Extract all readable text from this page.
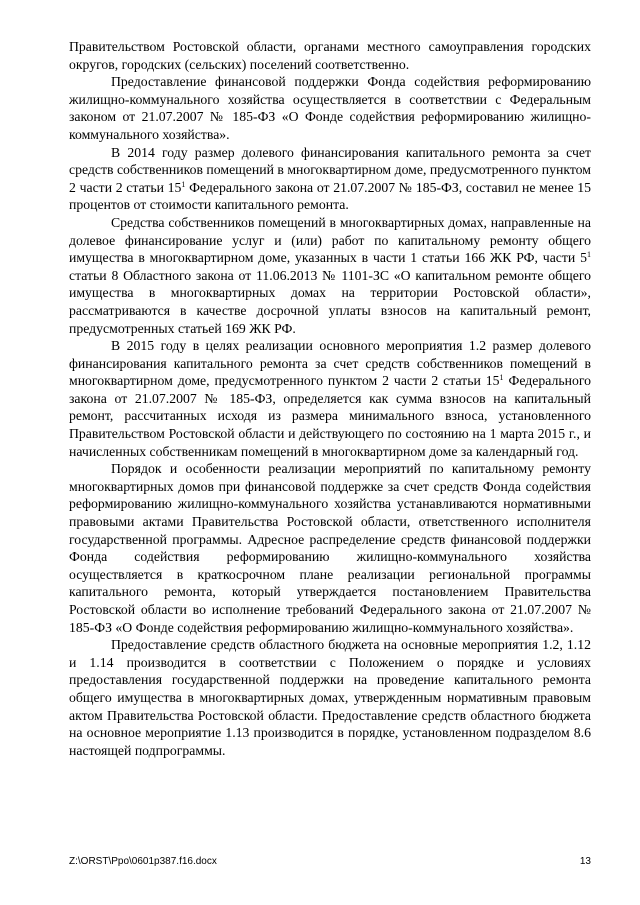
Правительством Ростовской области, органами местного самоуправления городских округов, городских (сельских) поселений соответственно.

Предоставление финансовой поддержки Фонда содействия реформированию жилищно-коммунального хозяйства осуществляется в соответствии с Федеральным законом от 21.07.2007 № 185-ФЗ «О Фонде содействия реформированию жилищно-коммунального хозяйства».

В 2014 году размер долевого финансирования капитального ремонта за счет средств собственников помещений в многоквартирном доме, предусмотренного пунктом 2 части 2 статьи $15^1$ Федерального закона от 21.07.2007 № 185-ФЗ, составил не менее 15 процентов от стоимости капитального ремонта.

Средства собственников помещений в многоквартирных домах, направленные на долевое финансирование услуг и (или) работ по капитальному ремонту общего имущества в многоквартирном доме, указанных в части 1 статьи 166 ЖК РФ, части $5^1$ статьи 8 Областного закона от 11.06.2013 № 1101-ЗС «О капитальном ремонте общего имущества в многоквартирных домах на территории Ростовской области», рассматриваются в качестве досрочной уплаты взносов на капитальный ремонт, предусмотренных статьей 169 ЖК РФ.

В 2015 году в целях реализации основного мероприятия 1.2 размер долевого финансирования капитального ремонта за счет средств собственников помещений в многоквартирном доме, предусмотренного пунктом 2 части 2 статьи $15^1$ Федерального закона от 21.07.2007 № 185-ФЗ, определяется как сумма взносов на капитальный ремонт, рассчитанных исходя из размера минимального взноса, установленного Правительством Ростовской области и действующего по состоянию на 1 марта 2015 г., и начисленных собственникам помещений в многоквартирном доме за календарный год.

Порядок и особенности реализации мероприятий по капитальному ремонту многоквартирных домов при финансовой поддержке за счет средств Фонда содействия реформированию жилищно-коммунального хозяйства устанавливаются нормативными правовыми актами Правительства Ростовской области, ответственного исполнителя государственной программы. Адресное распределение средств финансовой поддержки Фонда содействия реформированию жилищно-коммунального хозяйства осуществляется в краткосрочном плане реализации региональной программы капитального ремонта, который утверждается постановлением Правительства Ростовской области во исполнение требований Федерального закона от 21.07.2007 № 185-ФЗ «О Фонде содействия реформированию жилищно-коммунального хозяйства».

Предоставление средств областного бюджета на основные мероприятия 1.2, 1.12 и 1.14 производится в соответствии с Положением о порядке и условиях предоставления государственной поддержки на проведение капитального ремонта общего имущества в многоквартирных домах, утвержденным нормативным правовым актом Правительства Ростовской области. Предоставление средств областного бюджета на основное мероприятие 1.13 производится в порядке, установленном подразделом 8.6 настоящей подпрограммы.

Z:\ORST\Ppo\0601p387.f16.docx	13
